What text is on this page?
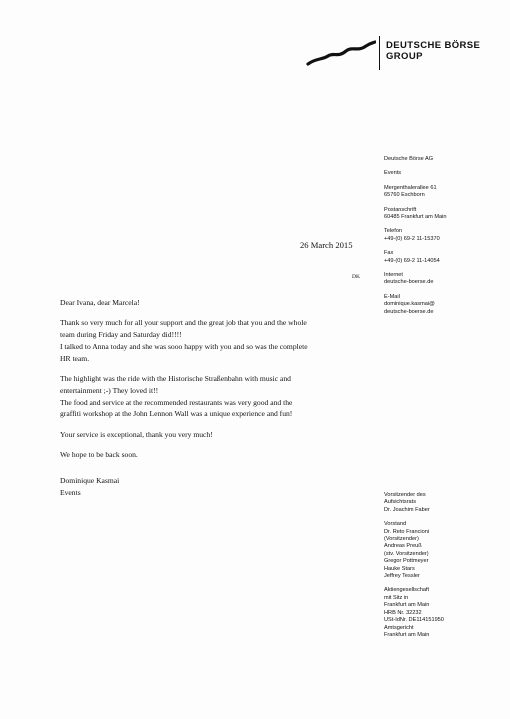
DEUTSCHE BÖRSE
GROUP
Deutsche Börse AG
Events
Mergenthalerallee 61
65760 Eschborn
Postanschrift
60485 Frankfurt am Main
Telefon
+49-(0) 69-2 11-15370
Fax
+49-(0) 69-2 11-14054
Internet
deutsche-boerse.de
E-Mail
dominique.kasmai@
deutsche-boerse.de
Vorsitzender des
Aufsichtsrats
Dr. Joachim Faber
Vorstand
Dr. Reto Francioni
(Vorsitzender)
Andreas Preuß
(stv. Vorsitzender)
Gregor Pottmeyer
Hauke Stars
Jeffrey Tessler
Aktiengesellschaft
mit Sitz in
Frankfurt am Main
HRB Nr. 32232
USt-IdNr. DE114151950
Amtsgericht
Frankfurt am Main
26 March 2015
DK

Dear Ivana, dear Marcela!

Thank so very much for all your support and the great job that you and the whole
team during Friday and Saturday did!!!!
I talked to Anna today and she was sooo happy with you and so was the complete
HR team.

The highlight was the ride with the Historische Straßenbahn with music and
entertainment ;-) They loved it!!
The food and service at the recommended restaurants was very good and the
graffiti workshop at the John Lennon Wall was a unique experience and fun!

Your service is exceptional, thank you very much!

We hope to be back soon.

Dominique Kasmai
Events
